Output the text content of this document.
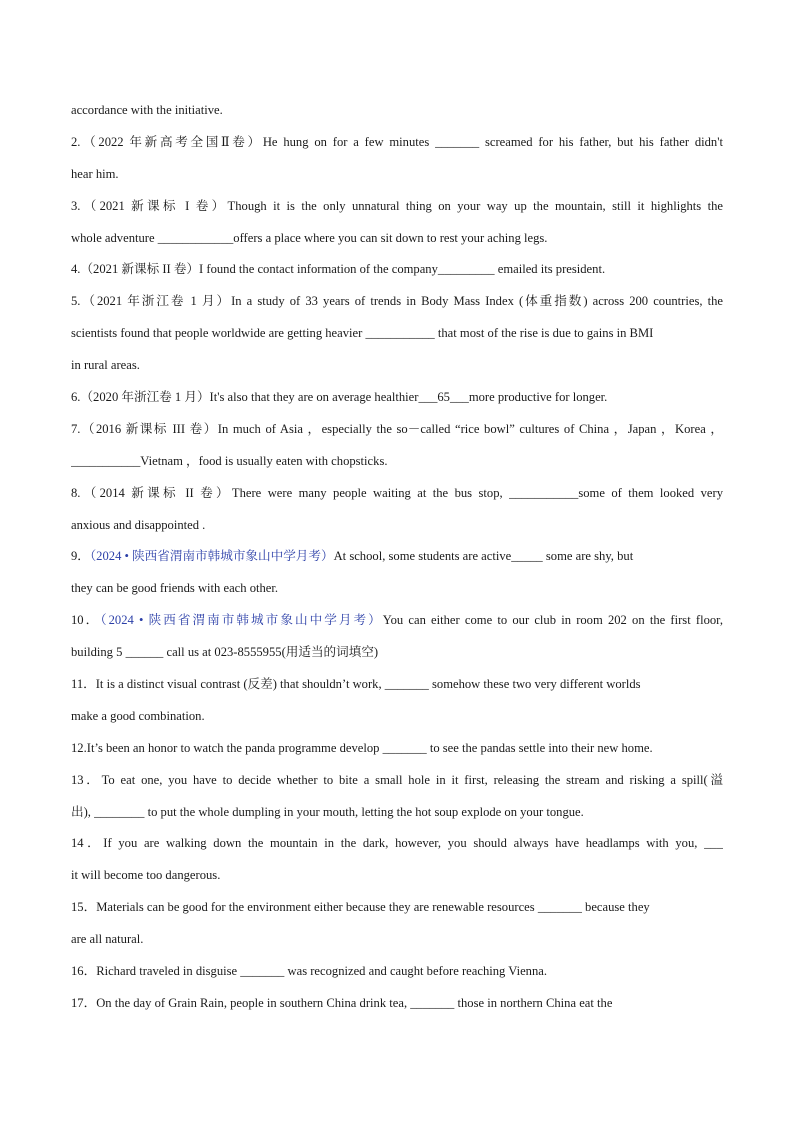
accordance with the initiative.
2.（2022 年新高考全国Ⅱ卷）He hung on for a few minutes _______ screamed for his father, but his father didn't
hear him.
3.（2021 新课标 I 卷）Though it is the only unnatural thing on your way up the mountain, still it highlights the
whole adventure ____________offers a place where you can sit down to rest your aching legs.
4.（2021 新课标 II 卷）I found the contact information of the company_________ emailed its president.
5.（2021 年浙江卷 1 月）In a study of 33 years of trends in Body Mass Index (体重指数) across 200 countries, the
scientists found that people worldwide are getting heavier ___________ that most of the rise is due to gains in BMI
in rural areas.
6.（2020 年浙江卷 1 月）It's also that they are on average healthier___65___more productive for longer.
7.（2016 新课标 III 卷）In much of Asia ，especially the so－called “rice bowl” cultures of China ，Japan ，Korea ，
___________Vietnam ，food is usually eaten with chopsticks.
8.（2014 新课标 II 卷）There were many people waiting at the bus stop, ___________some of them looked very
anxious and disappointed .
9．（2024 • 陕西省渭南市韩城市象山中学月考）At school, some students are active_____ some are shy, but
they can be good friends with each other.
10．（2024 • 陕西省渭南市韩城市象山中学月考）You can either come to our club in room 202 on the first floor,
building 5 ______ call us at 023-8555955(用适当的词填空)
11．It is a distinct visual contrast (反差) that shouldn’t work, _______ somehow these two very different worlds
make a good combination.
12.It’s been an honor to watch the panda programme develop _______ to see the pandas settle into their new home.
13．To eat one, you have to decide whether to bite a small hole in it first, releasing the stream and risking a spill(溢
出), ________ to put the whole dumpling in your mouth, letting the hot soup explode on your tongue.
14．If you are walking down the mountain in the dark, however, you should always have headlamps with you, ___
it will become too dangerous.
15．Materials can be good for the environment either because they are renewable resources _______ because they
are all natural.
16．Richard traveled in disguise _______ was recognized and caught before reaching Vienna.
17．On the day of Grain Rain, people in southern China drink tea, _______ those in northern China eat the
